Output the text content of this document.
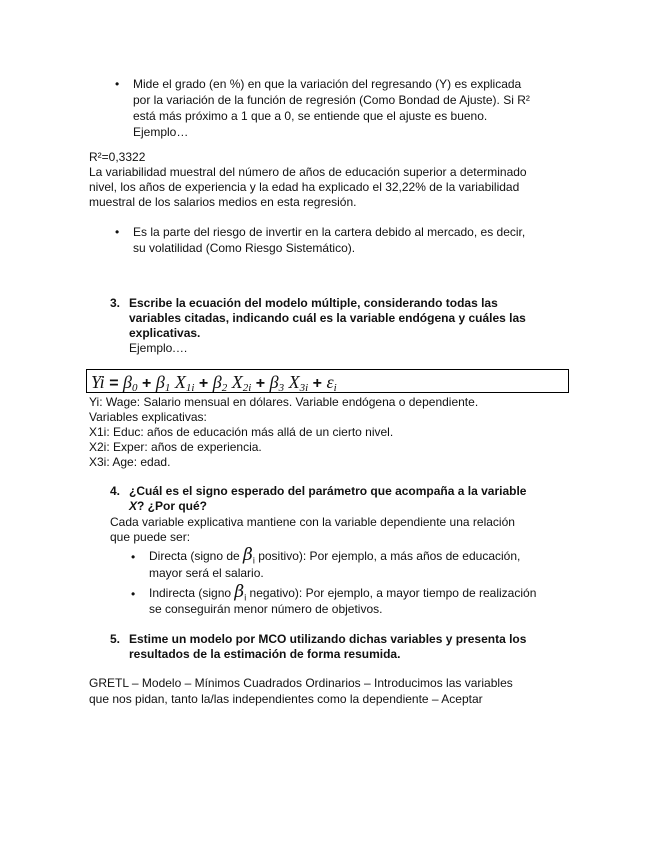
• Mide el grado (en %) en que la variación del regresando (Y) es explicada
por la variación de la función de regresión (Como Bondad de Ajuste). Si R²
está más próximo a 1 que a 0, se entiende que el ajuste es bueno.
Ejemplo…
R²=0,3322
La variabilidad muestral del número de años de educación superior a determinado
nivel, los años de experiencia y la edad ha explicado el 32,22% de la variabilidad
muestral de los salarios medios en esta regresión.
• Es la parte del riesgo de invertir en la cartera debido al mercado, es decir,
su volatilidad (Como Riesgo Sistemático).
3. Escribe la ecuación del modelo múltiple, considerando todas las
variables citadas, indicando cuál es la variable endógena y cuáles las
explicativas.
Ejemplo.…
$Yi = \beta_0 + \beta_1$ $X_{1i} + \beta_2$ $X_{2i} + \beta_3$ $X_{3i} + \varepsilon_i$
Yi: Wage: Salario mensual en dólares. Variable endógena o dependiente.
Variables explicativas:
X1i: Educ: años de educación más allá de un cierto nivel.
X2i: Exper: años de experiencia.
X3i: Age: edad.
4. ¿Cuál es el signo esperado del parámetro que acompaña a la variable
X? ¿Por qué?
Cada variable explicativa mantiene con la variable dependiente una relación
que puede ser:
• Directa (signo de $\beta_i$ positivo): Por ejemplo, a más años de educación,
mayor será el salario.
• Indirecta (signo $\beta_i$ negativo): Por ejemplo, a mayor tiempo de realización
se conseguirán menor número de objetivos.
5. Estime un modelo por MCO utilizando dichas variables y presenta los
resultados de la estimación de forma resumida.
GRETL – Modelo – Mínimos Cuadrados Ordinarios – Introducimos las variables
que nos pidan, tanto la/las independientes como la dependiente – Aceptar
